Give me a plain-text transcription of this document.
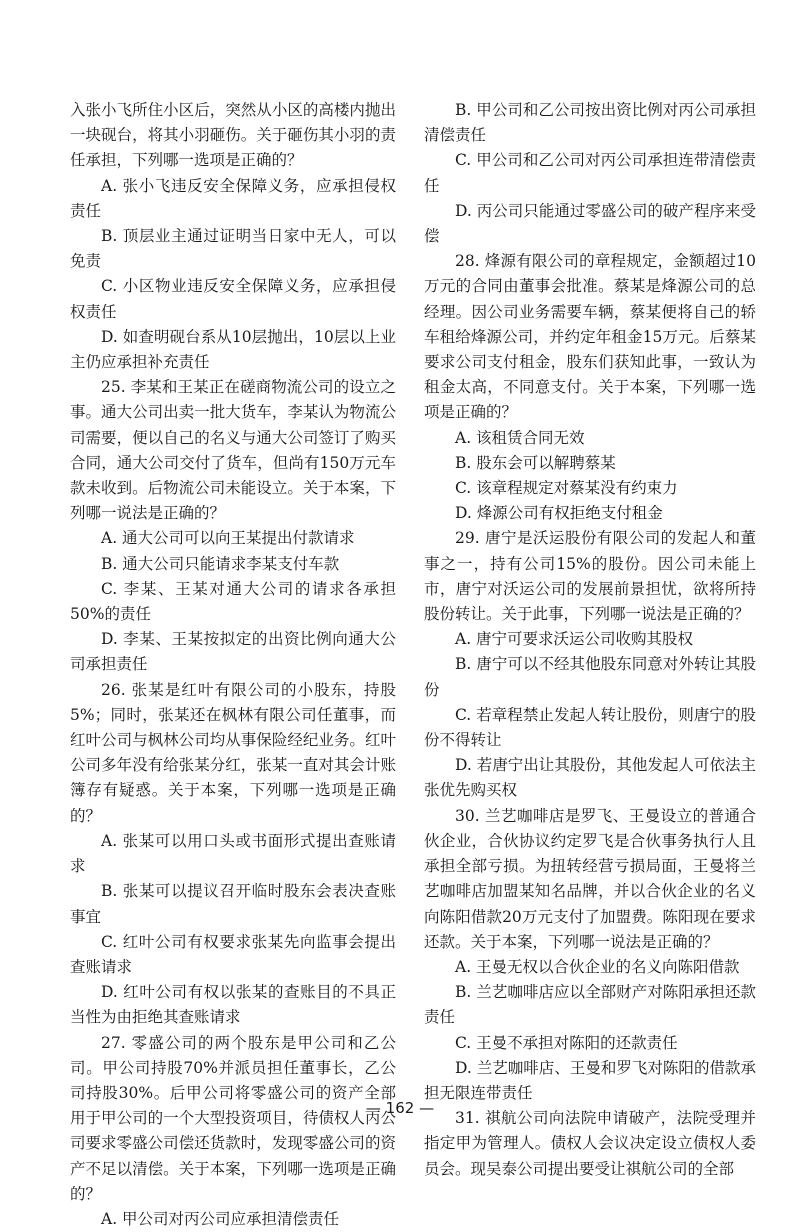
入张小飞所住小区后，突然从小区的高楼内抛出一块砚台，将其小羽砸伤。关于砸伤其小羽的责任承担，下列哪一选项是正确的？

A. 张小飞违反安全保障义务，应承担侵权责任

B. 顶层业主通过证明当日家中无人，可以免责

C. 小区物业违反安全保障义务，应承担侵权责任

D. 如查明砚台系从10层抛出，10层以上业主仍应承担补充责任

25. 李某和王某正在磋商物流公司的设立之事。通大公司出卖一批大货车，李某认为物流公司需要，便以自己的名义与通大公司签订了购买合同，通大公司交付了货车，但尚有150万元车款未收到。后物流公司未能设立。关于本案，下列哪一说法是正确的？

A. 通大公司可以向王某提出付款请求

B. 通大公司只能请求李某支付车款

C. 李某、王某对通大公司的请求各承担50%的责任

D. 李某、王某按拟定的出资比例向通大公司承担责任

26. 张某是红叶有限公司的小股东，持股5%；同时，张某还在枫林有限公司任董事，而红叶公司与枫林公司均从事保险经纪业务。红叶公司多年没有给张某分红，张某一直对其会计账簿存有疑惑。关于本案，下列哪一选项是正确的？

A. 张某可以用口头或书面形式提出查账请求

B. 张某可以提议召开临时股东会表决查账事宜

C. 红叶公司有权要求张某先向监事会提出查账请求

D. 红叶公司有权以张某的查账目的不具正当性为由拒绝其查账请求

27. 零盛公司的两个股东是甲公司和乙公司。甲公司持股70%并派员担任董事长，乙公司持股30%。后甲公司将零盛公司的资产全部用于甲公司的一个大型投资项目，待债权人丙公司要求零盛公司偿还货款时，发现零盛公司的资产不足以清偿。关于本案，下列哪一选项是正确的？

A. 甲公司对丙公司应承担清偿责任

B. 甲公司和乙公司按出资比例对丙公司承担清偿责任

C. 甲公司和乙公司对丙公司承担连带清偿责任

D. 丙公司只能通过零盛公司的破产程序来受偿

28. 烽源有限公司的章程规定，金额超过10万元的合同由董事会批准。蔡某是烽源公司的总经理。因公司业务需要车辆，蔡某便将自己的轿车租给烽源公司，并约定年租金15万元。后蔡某要求公司支付租金，股东们获知此事，一致认为租金太高，不同意支付。关于本案，下列哪一选项是正确的？

A. 该租赁合同无效

B. 股东会可以解聘蔡某

C. 该章程规定对蔡某没有约束力

D. 烽源公司有权拒绝支付租金

29. 唐宁是沃运股份有限公司的发起人和董事之一，持有公司15%的股份。因公司未能上市，唐宁对沃运公司的发展前景担忧，欲将所持股份转让。关于此事，下列哪一说法是正确的？

A. 唐宁可要求沃运公司收购其股权

B. 唐宁可以不经其他股东同意对外转让其股份

C. 若章程禁止发起人转让股份，则唐宁的股份不得转让

D. 若唐宁出让其股份，其他发起人可依法主张优先购买权

30. 兰艺咖啡店是罗飞、王曼设立的普通合伙企业，合伙协议约定罗飞是合伙事务执行人且承担全部亏损。为扭转经营亏损局面，王曼将兰艺咖啡店加盟某知名品牌，并以合伙企业的名义向陈阳借款20万元支付了加盟费。陈阳现在要求还款。关于本案，下列哪一说法是正确的？

A. 王曼无权以合伙企业的名义向陈阳借款

B. 兰艺咖啡店应以全部财产对陈阳承担还款责任

C. 王曼不承担对陈阳的还款责任

D. 兰艺咖啡店、王曼和罗飞对陈阳的借款承担无限连带责任

31. 祺航公司向法院申请破产，法院受理并指定甲为管理人。债权人会议决定设立债权人委员会。现吴泰公司提出要受让祺航公司的全部

— 162 —
